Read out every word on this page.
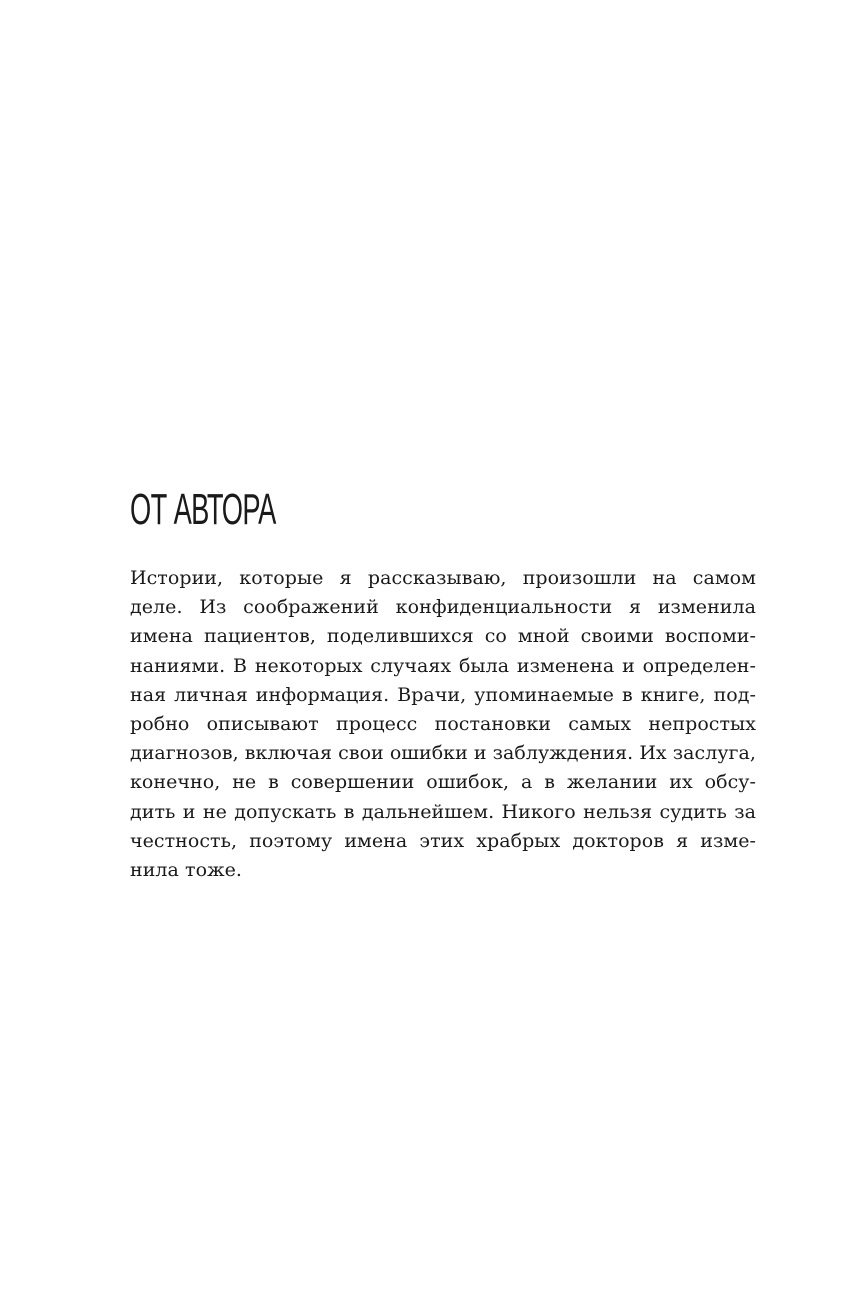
ОТ АВТОРА
Истории, которые я рассказываю, произошли на самом
деле. Из соображений конфиденциальности я изменила
имена пациентов, поделившихся со мной своими воспоми-
наниями. В некоторых случаях была изменена и определен-
ная личная информация. Врачи, упоминаемые в книге, под-
робно описывают процесс постановки самых непростых
диагнозов, включая свои ошибки и заблуждения. Их заслуга,
конечно, не в совершении ошибок, а в желании их обсу-
дить и не допускать в дальнейшем. Никого нельзя судить за
честность, поэтому имена этих храбрых докторов я изме-
нила тоже.
